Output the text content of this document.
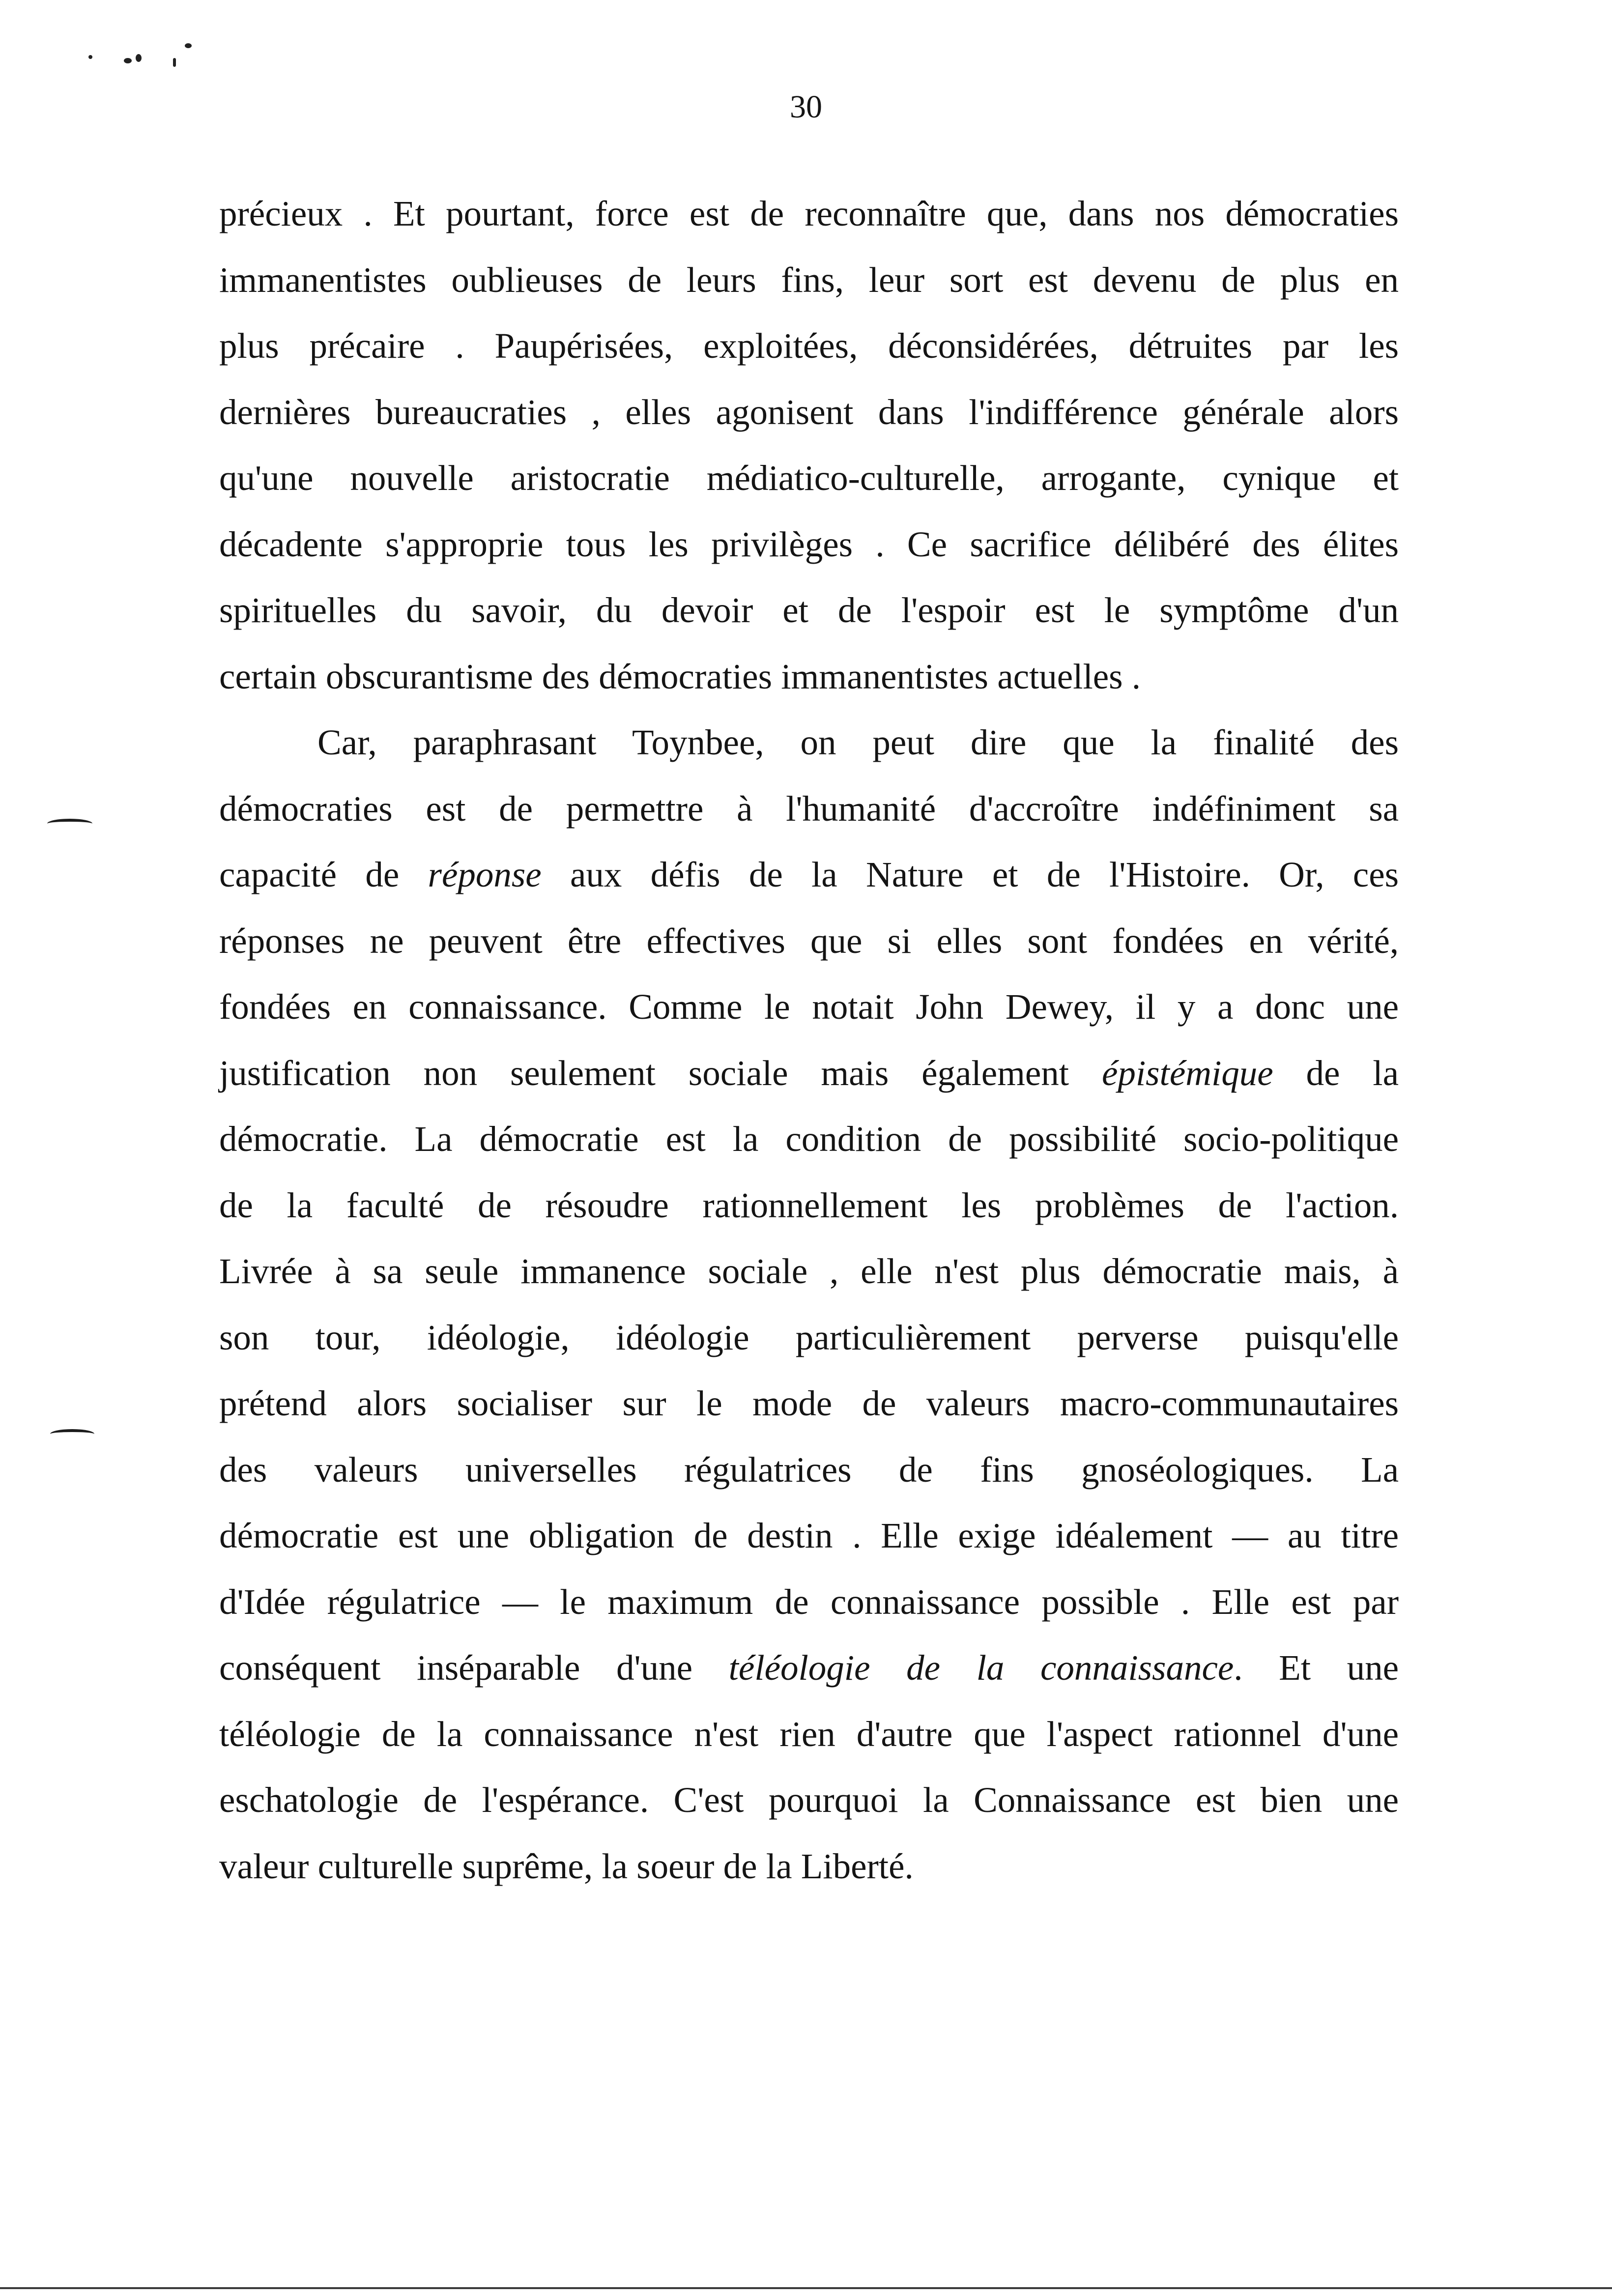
30
précieux . Et pourtant, force est de reconnaître que, dans nos démocraties
immanentistes oublieuses de leurs fins, leur sort est devenu de plus en
plus précaire . Paupérisées, exploitées, déconsidérées, détruites par les
dernières bureaucraties , elles agonisent dans l'indifférence générale alors
qu'une nouvelle aristocratie médiatico-culturelle, arrogante, cynique et
décadente s'approprie tous les privilèges . Ce sacrifice délibéré des élites
spirituelles du savoir, du devoir et de l'espoir est le symptôme d'un
certain obscurantisme des démocraties immanentistes actuelles .
Car, paraphrasant Toynbee, on peut dire que la finalité des
démocraties est de permettre à l'humanité d'accroître indéfiniment sa
capacité de réponse aux défis de la Nature et de l'Histoire. Or, ces
réponses ne peuvent être effectives que si elles sont fondées en vérité,
fondées en connaissance. Comme le notait John Dewey, il y a donc une
justification non seulement sociale mais également épistémique de la
démocratie. La démocratie est la condition de possibilité socio-politique
de la faculté de résoudre rationnellement les problèmes de l'action.
Livrée à sa seule immanence sociale , elle n'est plus démocratie mais, à
son tour, idéologie, idéologie particulièrement perverse puisqu'elle
prétend alors socialiser sur le mode de valeurs macro-communautaires
des valeurs universelles régulatrices de fins gnoséologiques. La
démocratie est une obligation de destin . Elle exige idéalement — au titre
d'Idée régulatrice — le maximum de connaissance possible . Elle est par
conséquent inséparable d'une téléologie de la connaissance. Et une
téléologie de la connaissance n'est rien d'autre que l'aspect rationnel d'une
eschatologie de l'espérance. C'est pourquoi la Connaissance est bien une
valeur culturelle suprême, la soeur de la Liberté.
